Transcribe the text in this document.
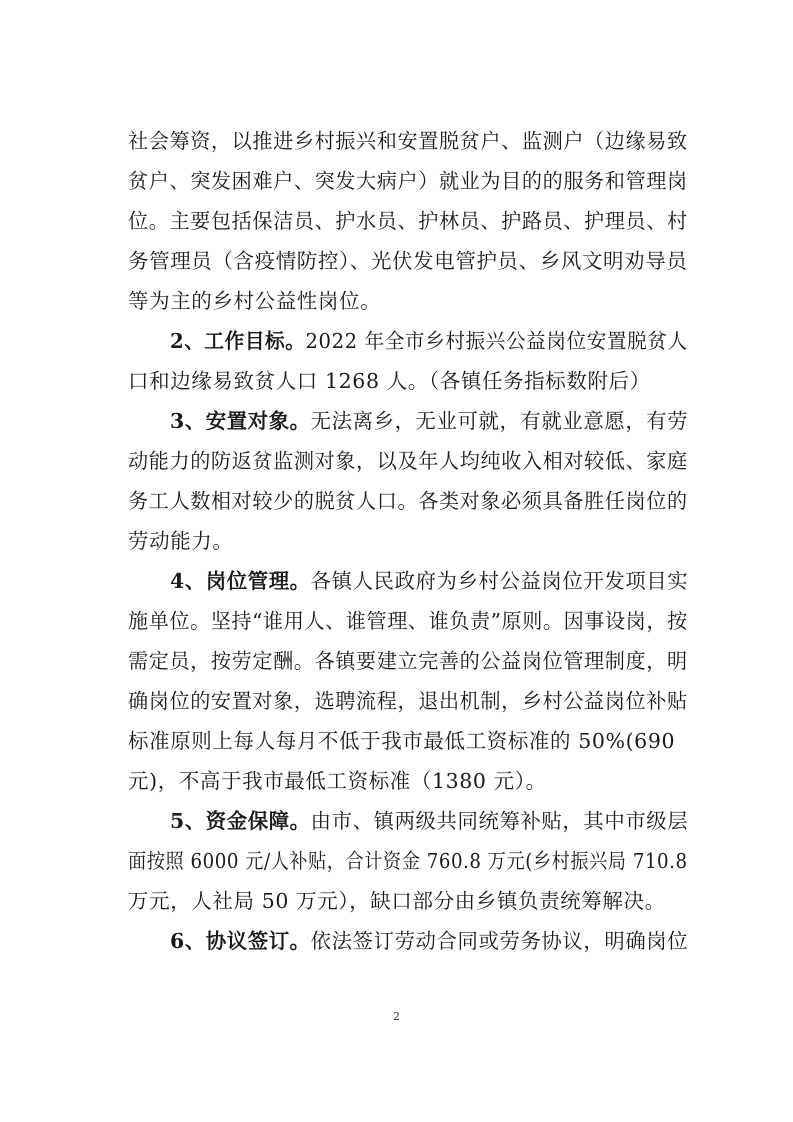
社会筹资，以推进乡村振兴和安置脱贫户、监测户（边缘易致
贫户、突发困难户、突发大病户）就业为目的的服务和管理岗
位。主要包括保洁员、护水员、护林员、护路员、护理员、村
务管理员（含疫情防控）、光伏发电管护员、乡风文明劝导员
等为主的乡村公益性岗位。
2、工作目标。2022 年全市乡村振兴公益岗位安置脱贫人
口和边缘易致贫人口 1268 人。（各镇任务指标数附后）
3、安置对象。无法离乡，无业可就，有就业意愿，有劳
动能力的防返贫监测对象，以及年人均纯收入相对较低、家庭
务工人数相对较少的脱贫人口。各类对象必须具备胜任岗位的
劳动能力。
4、岗位管理。各镇人民政府为乡村公益岗位开发项目实
施单位。坚持“谁用人、谁管理、谁负责”原则。因事设岗，按
需定员，按劳定酬。各镇要建立完善的公益岗位管理制度，明
确岗位的安置对象，选聘流程，退出机制，乡村公益岗位补贴
标准原则上每人每月不低于我市最低工资标准的 50%(690
元)，不高于我市最低工资标准（1380 元）。
5、资金保障。由市、镇两级共同统筹补贴，其中市级层
面按照 6000 元/人补贴，合计资金 760.8 万元(乡村振兴局 710.8
万元，人社局 50 万元），缺口部分由乡镇负责统筹解决。
6、协议签订。依法签订劳动合同或劳务协议，明确岗位
2
